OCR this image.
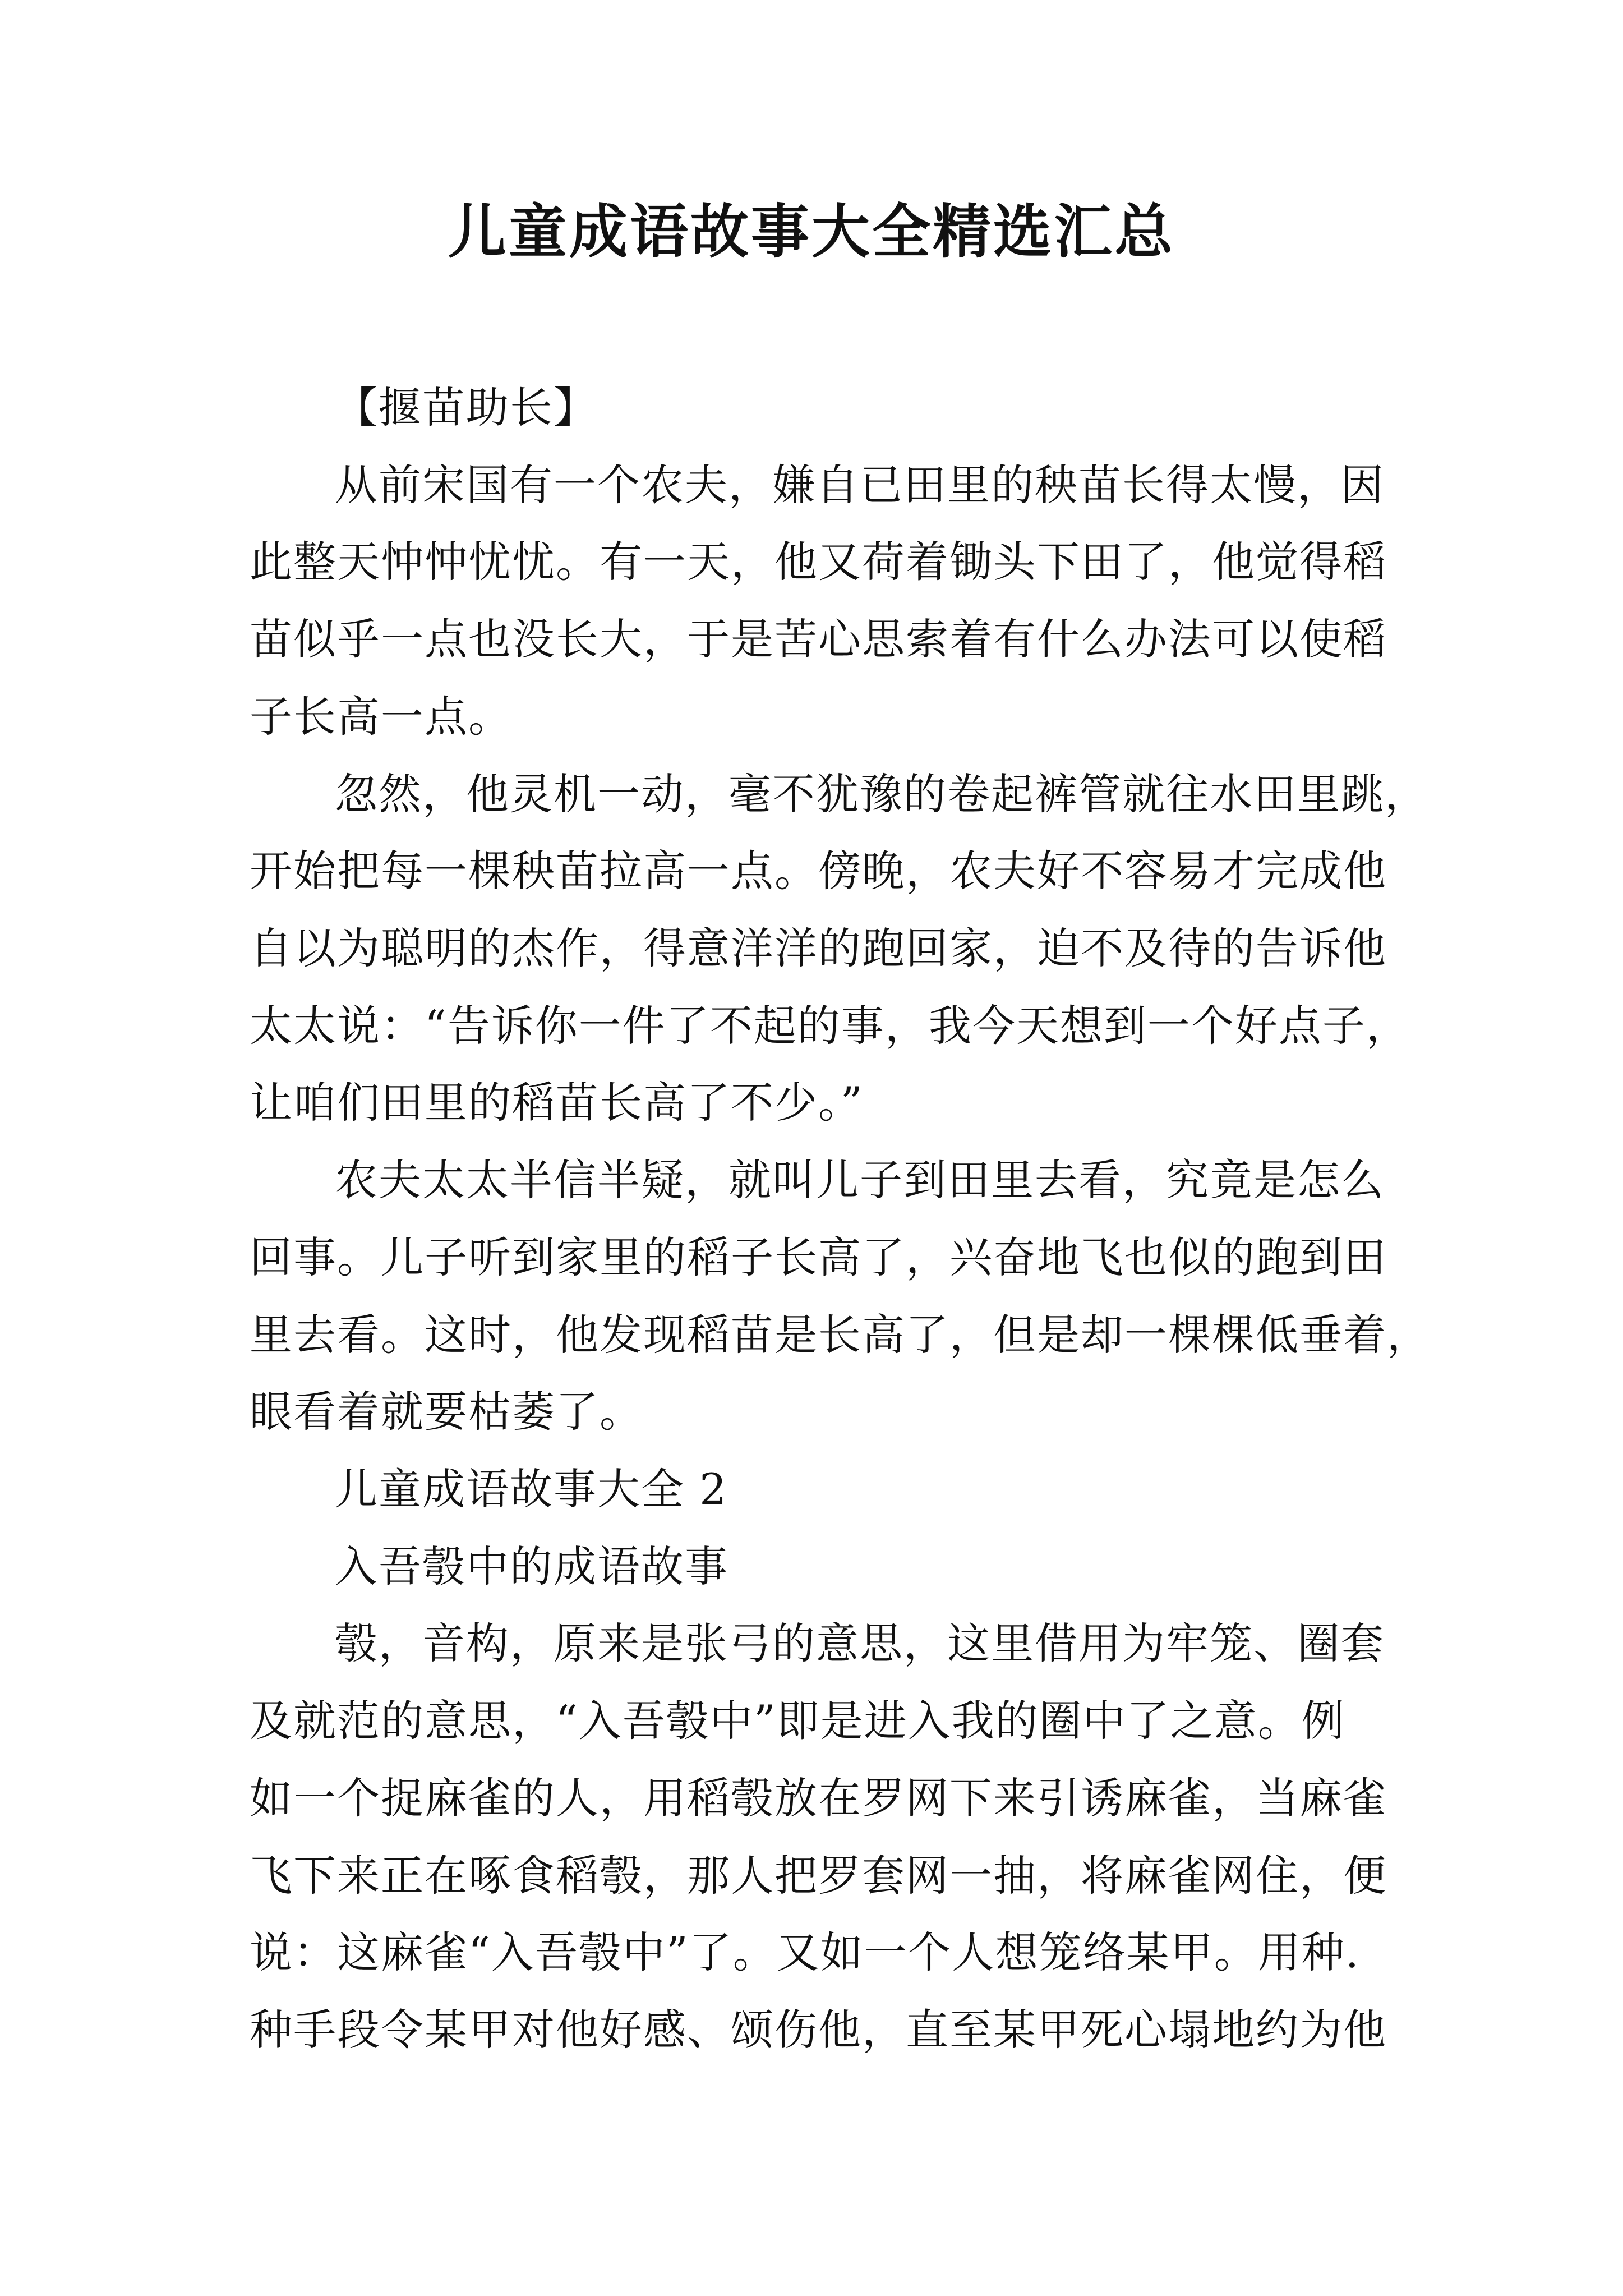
儿童成语故事大全精选汇总
【揠苗助长】
从前宋国有一个农夫，嫌自已田里的秧苗长得太慢，因
此整天忡忡忧忧。有一天，他又荷着锄头下田了，他觉得稻
苗似乎一点也没长大，于是苦心思索着有什么办法可以使稻
子长高一点。
忽然，他灵机一动，毫不犹豫的卷起裤管就往水田里跳，
开始把每一棵秧苗拉高一点。傍晚，农夫好不容易才完成他
自以为聪明的杰作，得意洋洋的跑回家，迫不及待的告诉他
太太说：“告诉你一件了不起的事，我今天想到一个好点子，
让咱们田里的稻苗长高了不少。”
农夫太太半信半疑，就叫儿子到田里去看，究竟是怎么
回事。儿子听到家里的稻子长高了，兴奋地飞也似的跑到田
里去看。这时，他发现稻苗是长高了，但是却一棵棵低垂着，
眼看着就要枯萎了。
儿童成语故事大全 2
入吾彀中的成语故事
彀，音构，原来是张弓的意思，这里借用为牢笼、圈套
及就范的意思，“入吾彀中”即是进入我的圈中了之意。例
如一个捉麻雀的人，用稻彀放在罗网下来引诱麻雀，当麻雀
飞下来正在啄食稻彀，那人把罗套网一抽，将麻雀网住，便
说：这麻雀“入吾彀中”了。又如一个人想笼络某甲。用种.
种手段令某甲对他好感、颂伤他，直至某甲死心塌地约为他
